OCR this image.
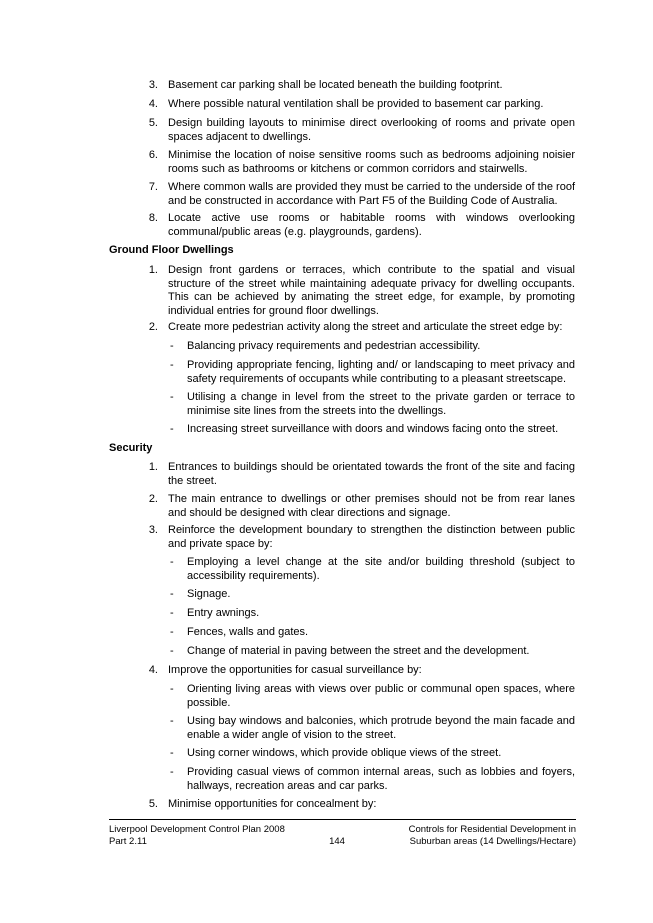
3. Basement car parking shall be located beneath the building footprint.
4. Where possible natural ventilation shall be provided to basement car parking.
5. Design building layouts to minimise direct overlooking of rooms and private open spaces adjacent to dwellings.
6. Minimise the location of noise sensitive rooms such as bedrooms adjoining noisier rooms such as bathrooms or kitchens or common corridors and stairwells.
7. Where common walls are provided they must be carried to the underside of the roof and be constructed in accordance with Part F5 of the Building Code of Australia.
8. Locate active use rooms or habitable rooms with windows overlooking communal/public areas (e.g. playgrounds, gardens).
Ground Floor Dwellings
1. Design front gardens or terraces, which contribute to the spatial and visual structure of the street while maintaining adequate privacy for dwelling occupants. This can be achieved by animating the street edge, for example, by promoting individual entries for ground floor dwellings.
2. Create more pedestrian activity along the street and articulate the street edge by:
- Balancing privacy requirements and pedestrian accessibility.
- Providing appropriate fencing, lighting and/ or landscaping to meet privacy and safety requirements of occupants while contributing to a pleasant streetscape.
- Utilising a change in level from the street to the private garden or terrace to minimise site lines from the streets into the dwellings.
- Increasing street surveillance with doors and windows facing onto the street.
Security
1. Entrances to buildings should be orientated towards the front of the site and facing the street.
2. The main entrance to dwellings or other premises should not be from rear lanes and should be designed with clear directions and signage.
3. Reinforce the development boundary to strengthen the distinction between public and private space by:
- Employing a level change at the site and/or building threshold (subject to accessibility requirements).
- Signage.
- Entry awnings.
- Fences, walls and gates.
- Change of material in paving between the street and the development.
4. Improve the opportunities for casual surveillance by:
- Orienting living areas with views over public or communal open spaces, where possible.
- Using bay windows and balconies, which protrude beyond the main facade and enable a wider angle of vision to the street.
- Using corner windows, which provide oblique views of the street.
- Providing casual views of common internal areas, such as lobbies and foyers, hallways, recreation areas and car parks.
5. Minimise opportunities for concealment by:
Liverpool Development Control Plan 2008
Part 2.11	144
Controls for Residential Development in
Suburban areas (14 Dwellings/Hectare)
